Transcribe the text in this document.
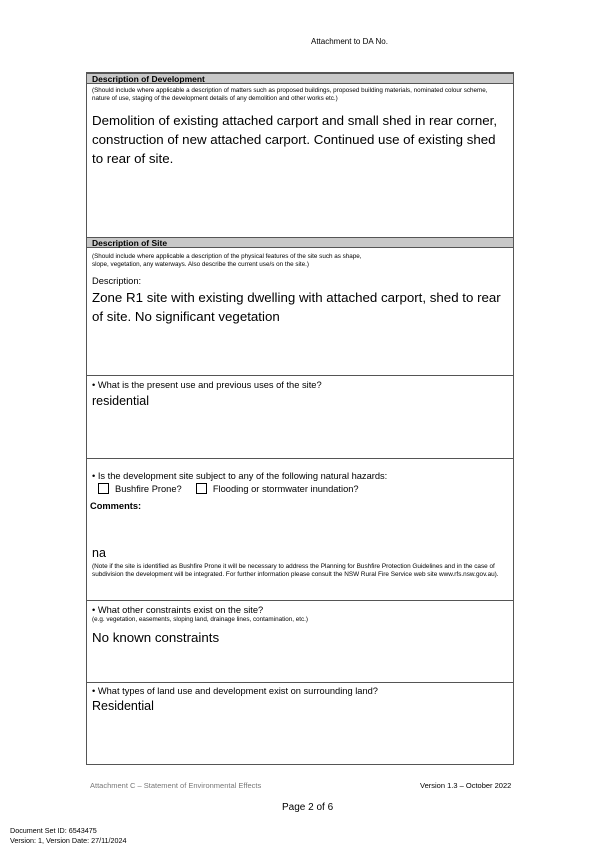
Attachment to DA No.
Description of Development
(Should include where applicable a description of matters such as proposed buildings, proposed building materials, nominated colour scheme, nature of use, staging of the development details of any demolition and other works etc.)
Demolition of existing attached carport and small shed in rear corner, construction of new attached carport. Continued use of existing shed to rear of site.
Description of Site
(Should include where applicable a description of the physical features of the site such as shape,
slope, vegetation, any waterways. Also describe the current use/s on the site.)
Description:
Zone R1 site with existing dwelling with attached carport, shed to rear of site. No significant vegetation
• What is the present use and previous uses of the site?
residential
• Is the development site subject to any of the following natural hazards:
Bushfire Prone?	Flooding or stormwater inundation?
Comments:
na
(Note if the site is identified as Bushfire Prone it will be necessary to address the Planning for Bushfire Protection Guidelines and in the case of subdivision the development will be integrated. For further information please consult the NSW Rural Fire Service web site www.rfs.nsw.gov.au).
• What other constraints exist on the site?
(e.g. vegetation, easements, sloping land, drainage lines, contamination, etc.)
No known constraints
• What types of land use and development exist on surrounding land?
Residential
Attachment C – Statement of Environmental Effects	Version 1.3 – October 2022
Page 2 of 6
Document Set ID: 6543475
Version: 1, Version Date: 27/11/2024
